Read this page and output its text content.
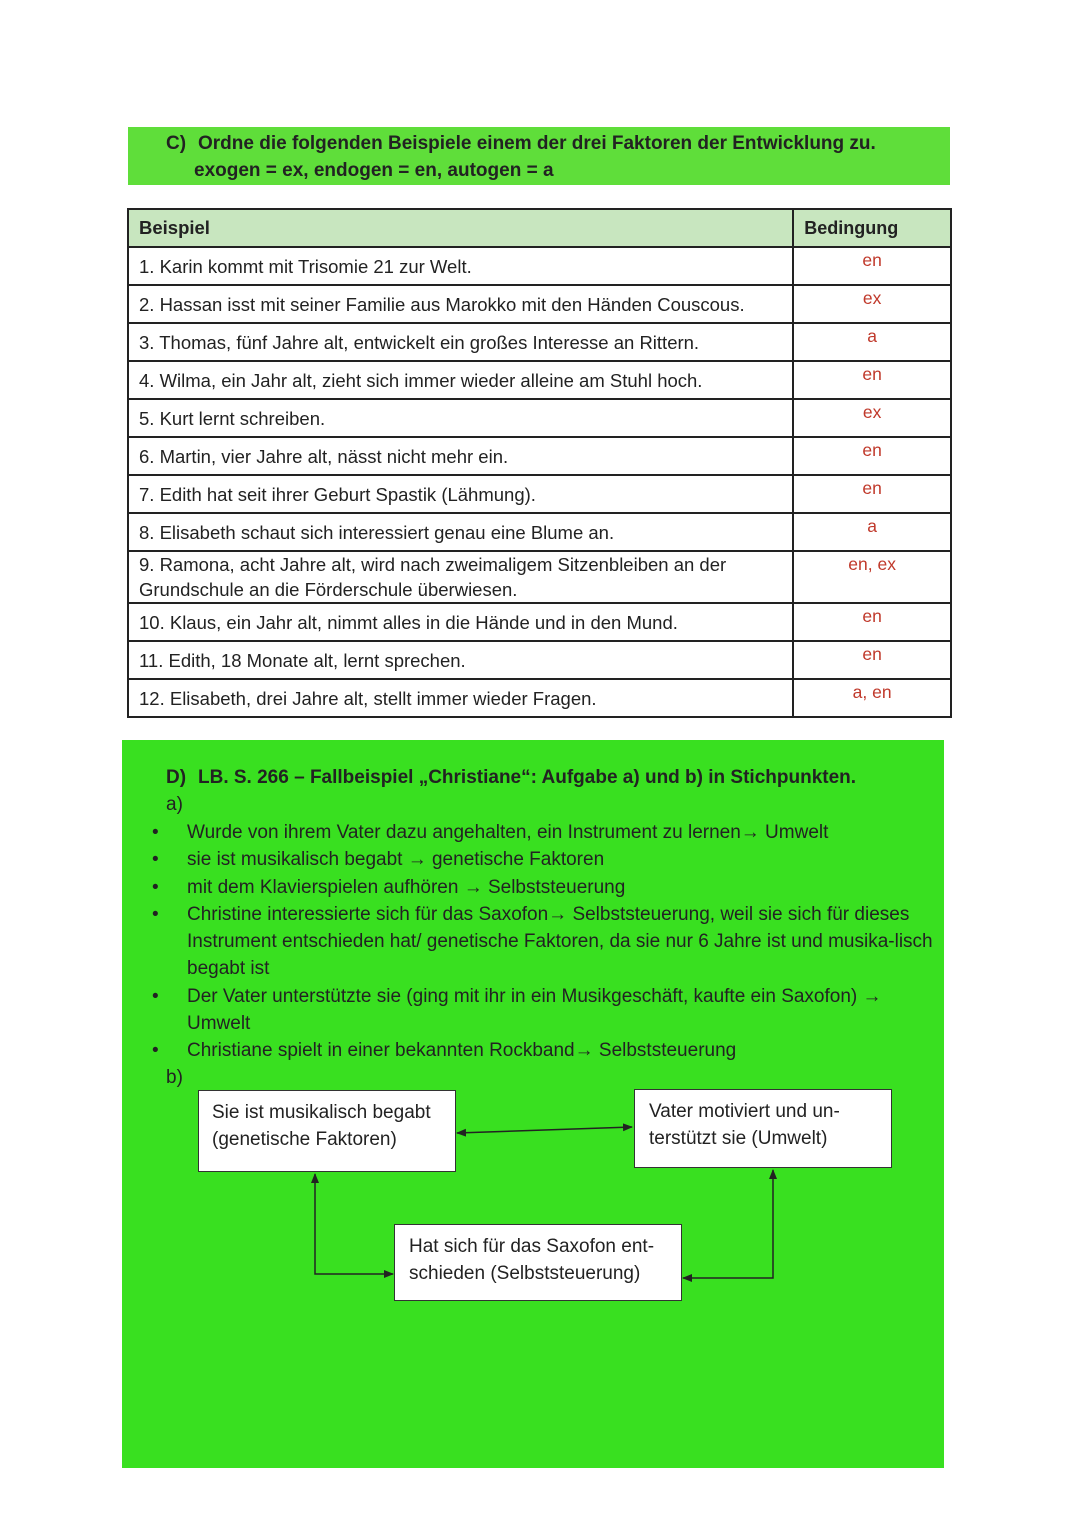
C) Ordne die folgenden Beispiele einem der drei Faktoren der Entwicklung zu.
exogen = ex, endogen = en, autogen = a
Beispiel	Bedingung
1. Karin kommt mit Trisomie 21 zur Welt.	en
2. Hassan isst mit seiner Familie aus Marokko mit den Händen Couscous.	ex
3. Thomas, fünf Jahre alt, entwickelt ein großes Interesse an Rittern.	a
4. Wilma, ein Jahr alt, zieht sich immer wieder alleine am Stuhl hoch.	en
5. Kurt lernt schreiben.	ex
6. Martin, vier Jahre alt, nässt nicht mehr ein.	en
7. Edith hat seit ihrer Geburt Spastik (Lähmung).	en
8. Elisabeth schaut sich interessiert genau eine Blume an.	a
9. Ramona, acht Jahre alt, wird nach zweimaligem Sitzenbleiben an der Grundschule an die Förderschule überwiesen.	en, ex
10. Klaus, ein Jahr alt, nimmt alles in die Hände und in den Mund.	en
11. Edith, 18 Monate alt, lernt sprechen.	en
12. Elisabeth, drei Jahre alt, stellt immer wieder Fragen.	a, en
D) LB. S. 266 – Fallbeispiel „Christiane“: Aufgabe a) und b) in Stichpunkten.
a)
• Wurde von ihrem Vater dazu angehalten, ein Instrument zu lernen→ Umwelt
• sie ist musikalisch begabt → genetische Faktoren
• mit dem Klavierspielen aufhören → Selbststeuerung
• Christine interessierte sich für das Saxofon→ Selbststeuerung, weil sie sich für dieses Instrument entschieden hat/ genetische Faktoren, da sie nur 6 Jahre ist und musika-lisch begabt ist
• Der Vater unterstützte sie (ging mit ihr in ein Musikgeschäft, kaufte ein Saxofon) → Umwelt
• Christiane spielt in einer bekannten Rockband→ Selbststeuerung
b)
Sie ist musikalisch begabt
(genetische Faktoren)
Vater motiviert und un-
terstützt sie (Umwelt)
Hat sich für das Saxofon ent-
schieden (Selbststeuerung)
